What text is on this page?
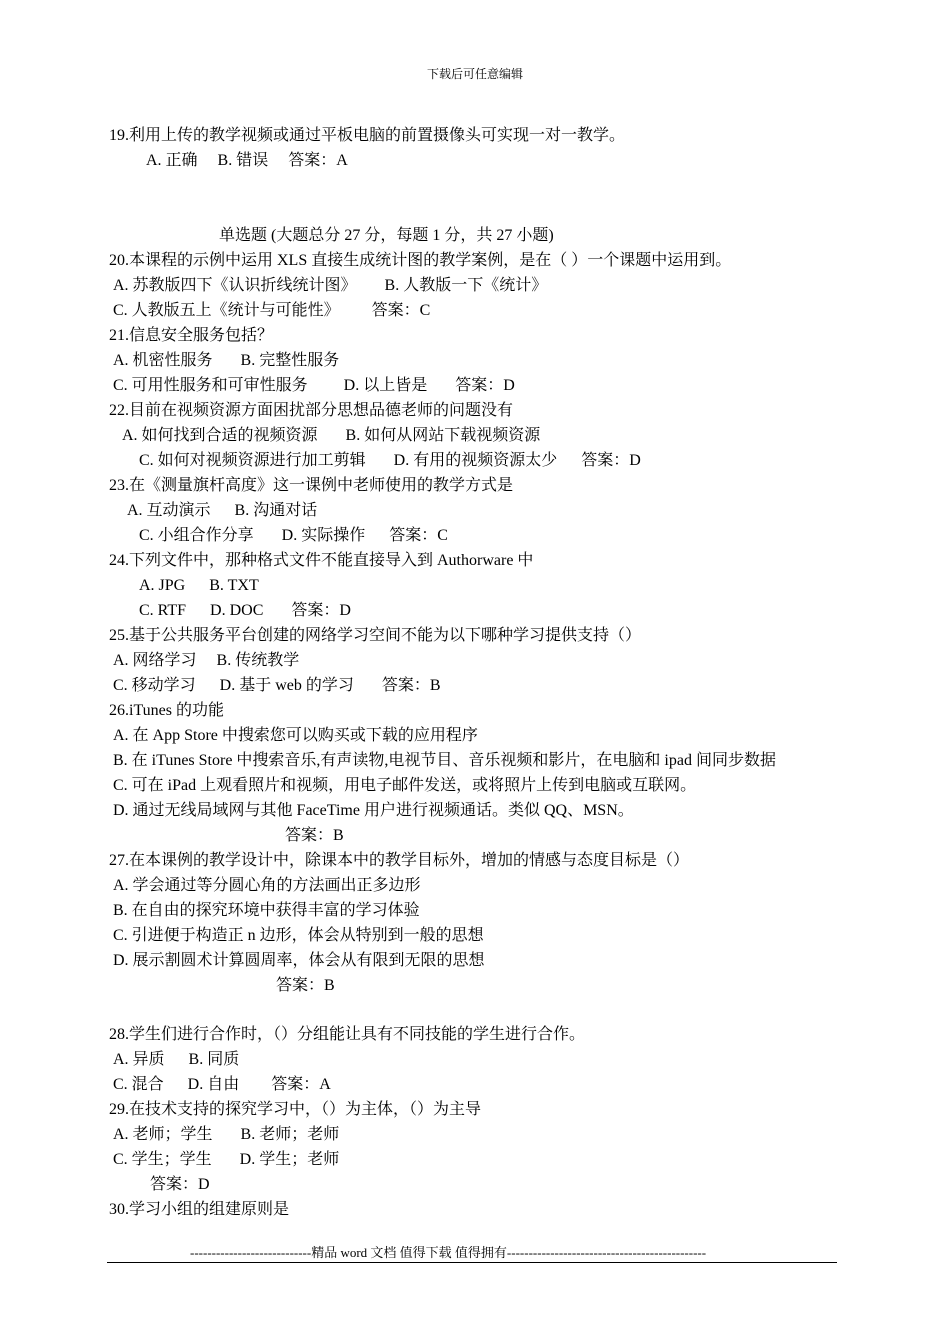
下载后可任意编辑
19.利用上传的教学视频或通过平板电脑的前置摄像头可实现一对一教学。
A. 正确     B. 错误     答案：A
单选题 (大题总分 27 分，每题 1 分，共 27 小题)
20.本课程的示例中运用 XLS 直接生成统计图的教学案例，是在（ ）一个课题中运用到。
A. 苏教版四下《认识折线统计图》       B. 人教版一下《统计》
C. 人教版五上《统计与可能性》        答案：C
21.信息安全服务包括？
A. 机密性服务       B. 完整性服务
C. 可用性服务和可审性服务         D. 以上皆是       答案：D
22.目前在视频资源方面困扰部分思想品德老师的问题没有
A. 如何找到合适的视频资源       B. 如何从网站下载视频资源
C. 如何对视频资源进行加工剪辑       D. 有用的视频资源太少      答案：D
23.在《测量旗杆高度》这一课例中老师使用的教学方式是
A. 互动演示      B. 沟通对话
C. 小组合作分享       D. 实际操作      答案：C
24.下列文件中，那种格式文件不能直接导入到 Authorware 中
A. JPG      B. TXT
C. RTF      D. DOC       答案：D
25.基于公共服务平台创建的网络学习空间不能为以下哪种学习提供支持（）
A. 网络学习     B. 传统教学
C. 移动学习      D. 基于 web 的学习       答案：B
26.iTunes 的功能
A. 在 App Store 中搜索您可以购买或下载的应用程序
B. 在 iTunes Store 中搜索音乐,有声读物,电视节目、音乐视频和影片，在电脑和 ipad 间同步数据
C. 可在 iPad 上观看照片和视频，用电子邮件发送，或将照片上传到电脑或互联网。
D. 通过无线局域网与其他 FaceTime 用户进行视频通话。类似 QQ、MSN。
答案：B
27.在本课例的教学设计中，除课本中的教学目标外，增加的情感与态度目标是（）
A. 学会通过等分圆心角的方法画出正多边形
B. 在自由的探究环境中获得丰富的学习体验
C. 引进便于构造正 n 边形，体会从特别到一般的思想
D. 展示割圆术计算圆周率，体会从有限到无限的思想
答案：B
28.学生们进行合作时，（）分组能让具有不同技能的学生进行合作。
A. 异质      B. 同质
C. 混合      D. 自由        答案：A
29.在技术支持的探究学习中，（）为主体，（）为主导
A. 老师；学生       B. 老师；老师
C. 学生；学生       D. 学生；老师
答案：D
30.学习小组的组建原则是
----------------------------精品 word 文档 值得下载 值得拥有----------------------------------------------
